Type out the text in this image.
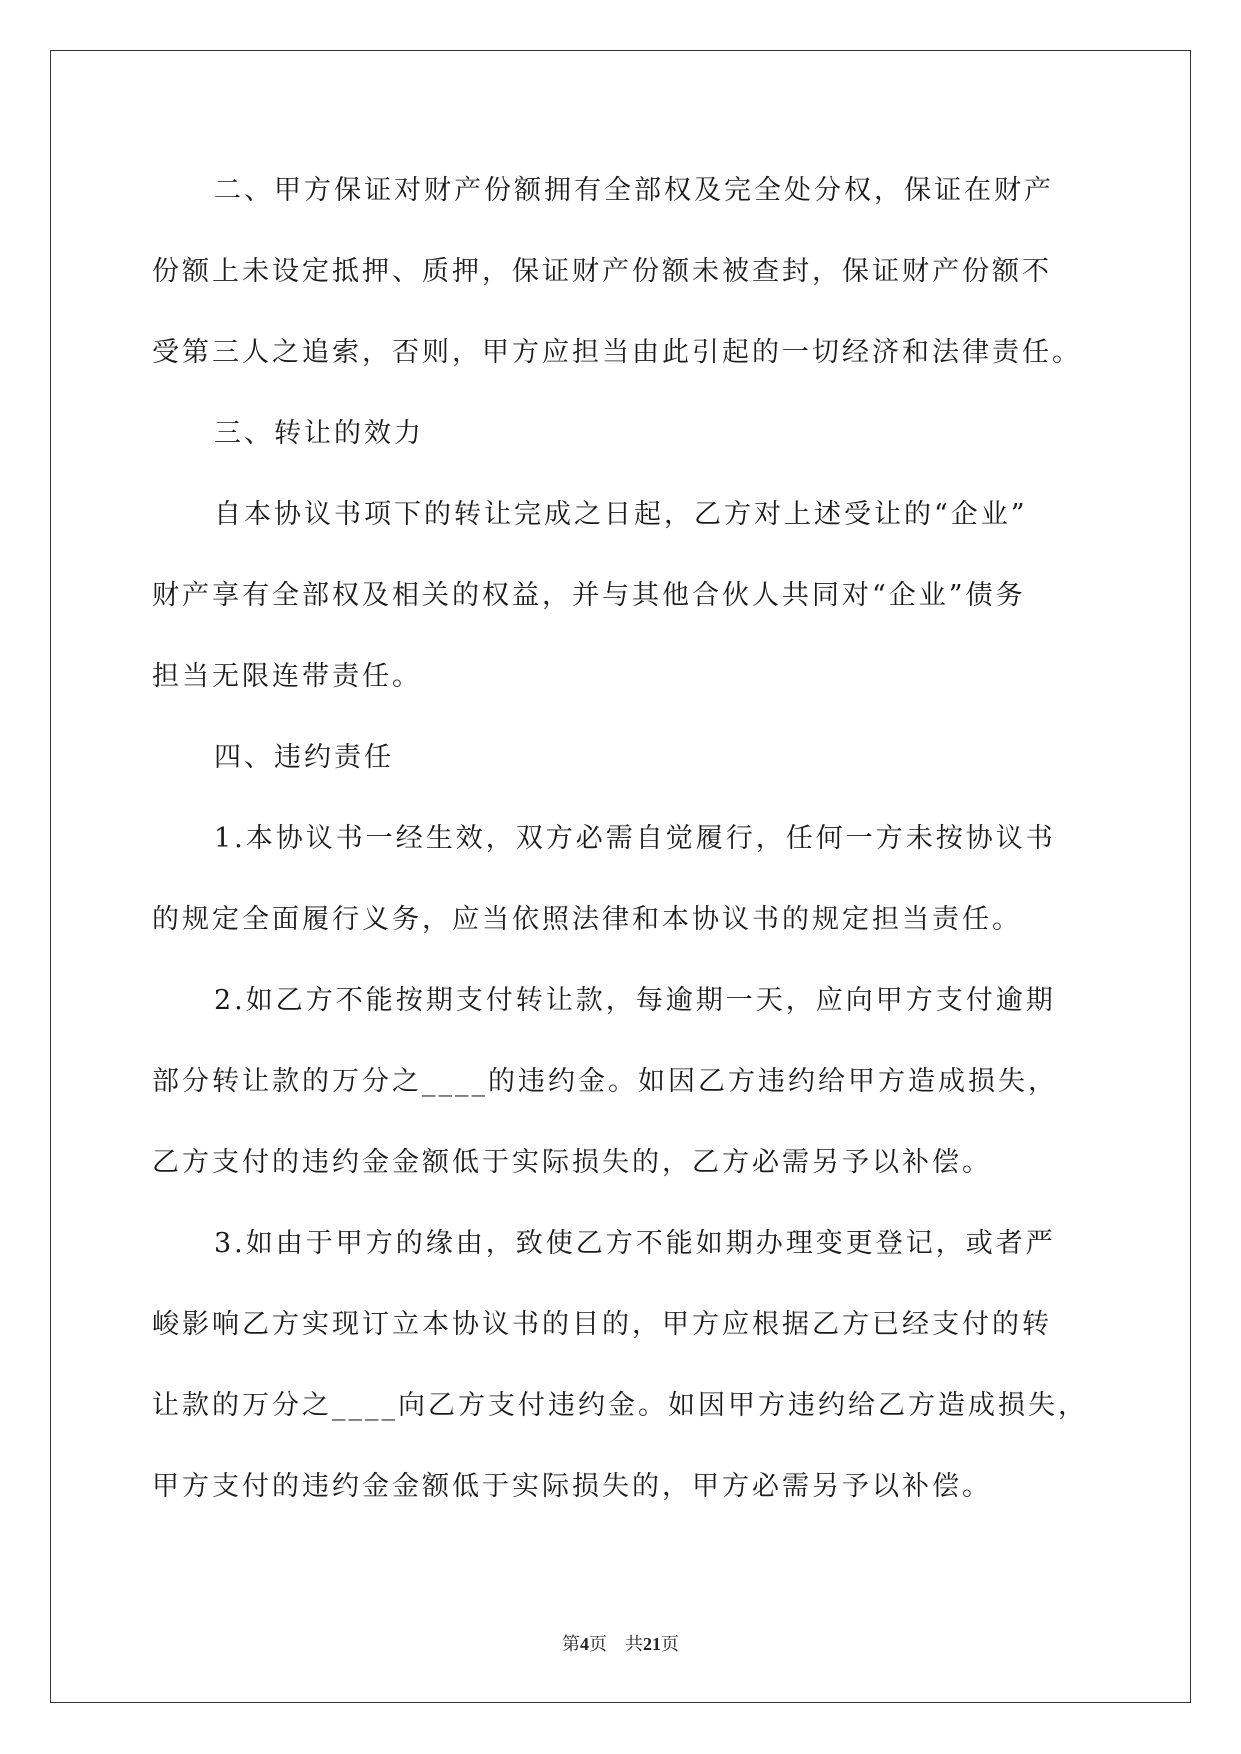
二、甲方保证对财产份额拥有全部权及完全处分权，保证在财产
份额上未设定抵押、质押，保证财产份额未被查封，保证财产份额不
受第三人之追索，否则，甲方应担当由此引起的一切经济和法律责任。
三、转让的效力
自本协议书项下的转让完成之日起，乙方对上述受让的“企业”
财产享有全部权及相关的权益，并与其他合伙人共同对“企业”债务
担当无限连带责任。
四、违约责任
1.本协议书一经生效，双方必需自觉履行，任何一方未按协议书
的规定全面履行义务，应当依照法律和本协议书的规定担当责任。
2.如乙方不能按期支付转让款，每逾期一天，应向甲方支付逾期
部分转让款的万分之____的违约金。如因乙方违约给甲方造成损失，
乙方支付的违约金金额低于实际损失的，乙方必需另予以补偿。
3.如由于甲方的缘由，致使乙方不能如期办理变更登记，或者严
峻影响乙方实现订立本协议书的目的，甲方应根据乙方已经支付的转
让款的万分之____向乙方支付违约金。如因甲方违约给乙方造成损失，
甲方支付的违约金金额低于实际损失的，甲方必需另予以补偿。
第4页 共21页
